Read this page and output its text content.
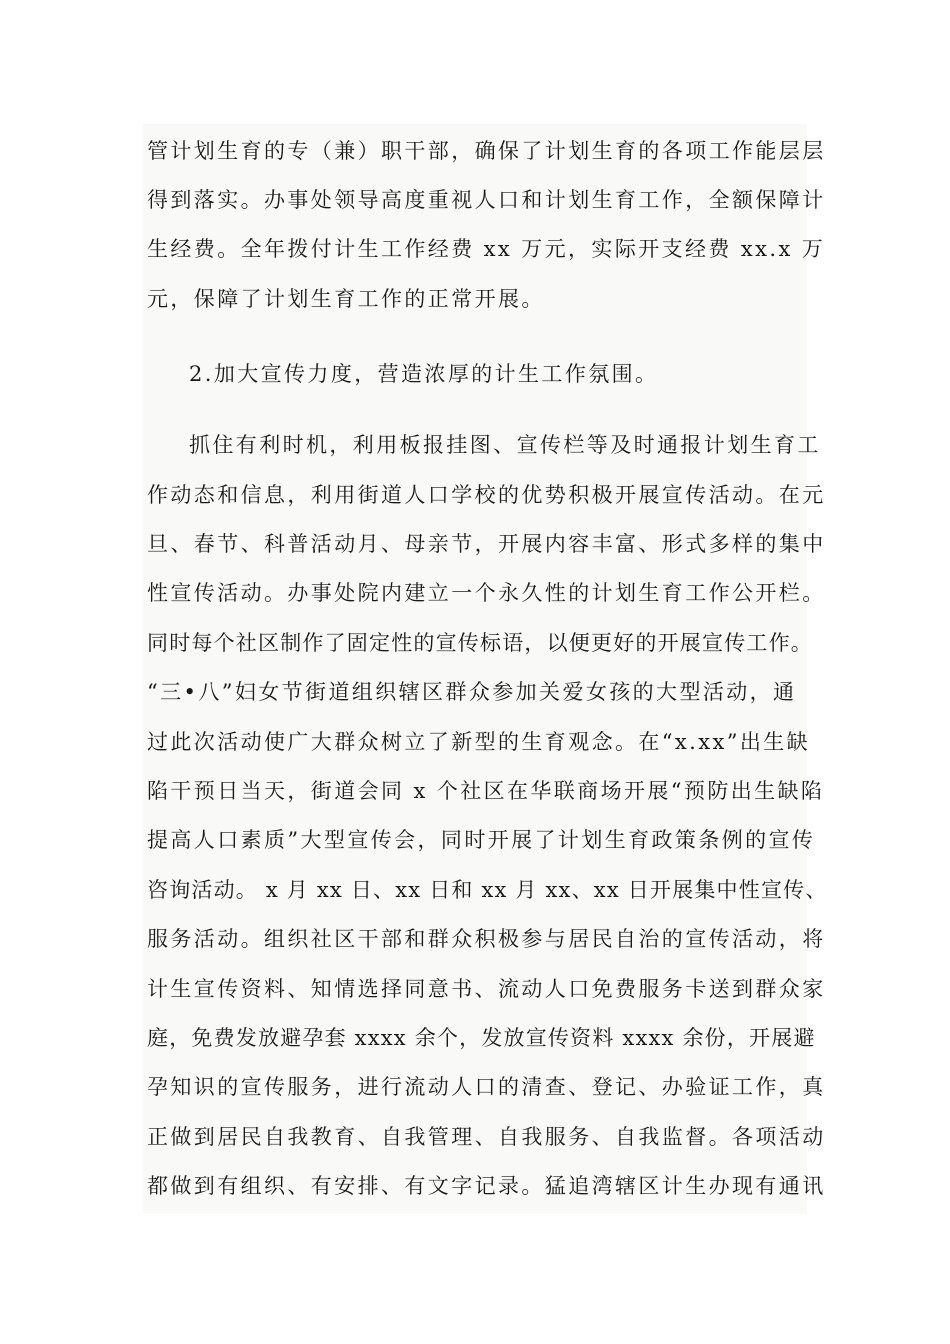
管计划生育的专（兼）职干部，确保了计划生育的各项工作能层层
得到落实。办事处领导高度重视人口和计划生育工作，全额保障计
生经费。全年拨付计生工作经费 xx 万元，实际开支经费 xx.x 万
元，保障了计划生育工作的正常开展。
2.加大宣传力度，营造浓厚的计生工作氛围。
抓住有利时机，利用板报挂图、宣传栏等及时通报计划生育工
作动态和信息，利用街道人口学校的优势积极开展宣传活动。在元
旦、春节、科普活动月、母亲节，开展内容丰富、形式多样的集中
性宣传活动。办事处院内建立一个永久性的计划生育工作公开栏。
同时每个社区制作了固定性的宣传标语，以便更好的开展宣传工作。
“三•八”妇女节街道组织辖区群众参加关爱女孩的大型活动，通
过此次活动使广大群众树立了新型的生育观念。在“x.xx”出生缺
陷干预日当天，街道会同 x 个社区在华联商场开展“预防出生缺陷
提高人口素质”大型宣传会，同时开展了计划生育政策条例的宣传
咨询活动。 x 月 xx 日、xx 日和 xx 月 xx、xx 日开展集中性宣传、
服务活动。组织社区干部和群众积极参与居民自治的宣传活动，将
计生宣传资料、知情选择同意书、流动人口免费服务卡送到群众家
庭，免费发放避孕套 xxxx 余个，发放宣传资料 xxxx 余份，开展避
孕知识的宣传服务，进行流动人口的清查、登记、办验证工作，真
正做到居民自我教育、自我管理、自我服务、自我监督。各项活动
都做到有组织、有安排、有文字记录。猛追湾辖区计生办现有通讯
